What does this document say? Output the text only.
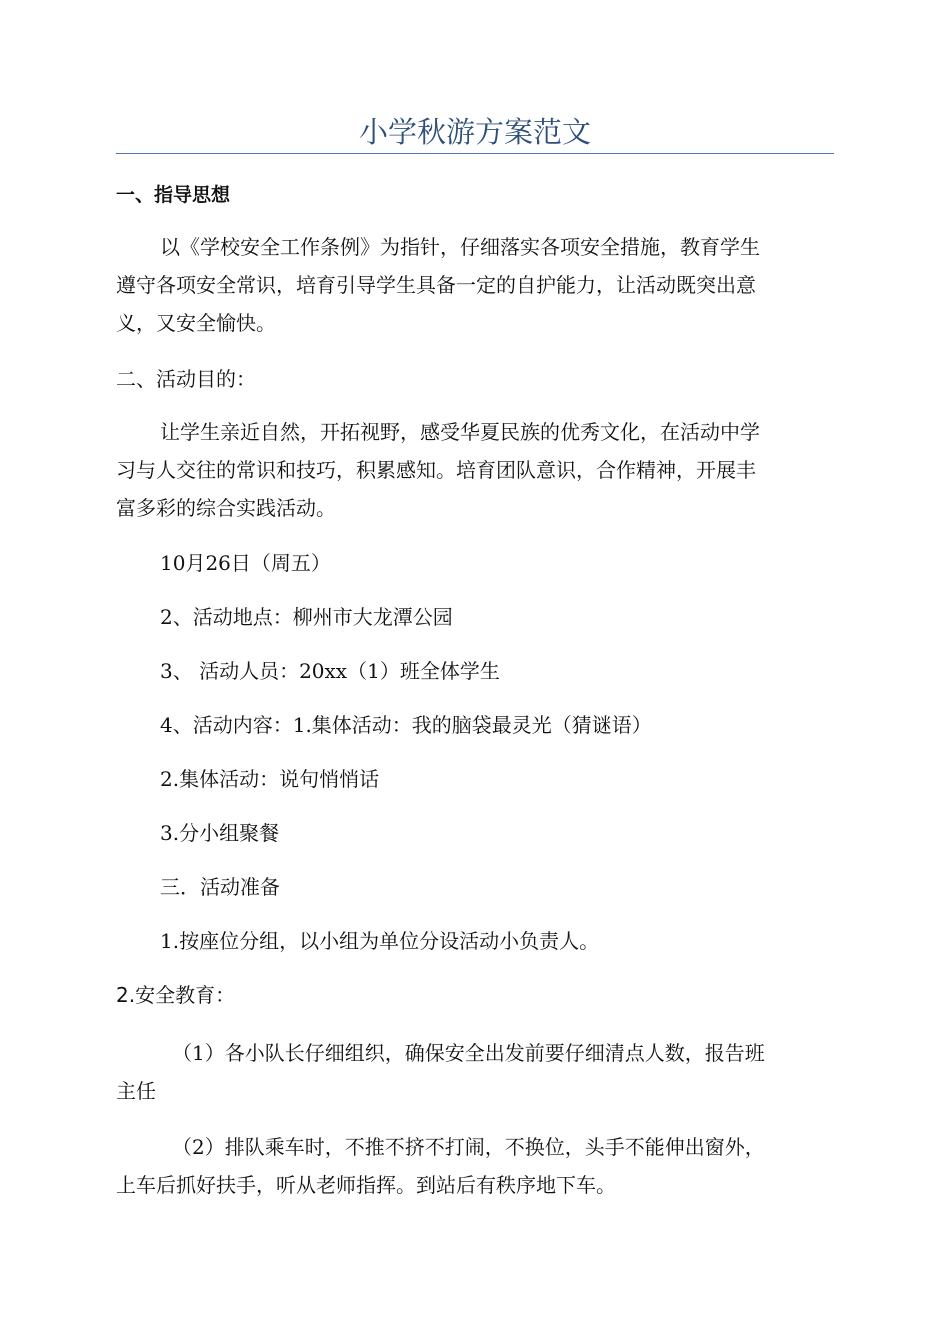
小学秋游方案范文
一、指导思想
以《学校安全工作条例》为指针，仔细落实各项安全措施，教育学生
遵守各项安全常识，培育引导学生具备一定的自护能力，让活动既突出意
义，又安全愉快。
二、活动目的：
让学生亲近自然，开拓视野，感受华夏民族的优秀文化，在活动中学
习与人交往的常识和技巧，积累感知。培育团队意识，合作精神，开展丰
富多彩的综合实践活动。
10月26日（周五）
2、活动地点：柳州市大龙潭公园
3、 活动人员：20xx（1）班全体学生
4、活动内容：1.集体活动：我的脑袋最灵光（猜谜语）
2.集体活动：说句悄悄话
3.分小组聚餐
三．活动准备
1.按座位分组，以小组为单位分设活动小负责人。
2.安全教育：
（1）各小队长仔细组织，确保安全出发前要仔细清点人数，报告班
主任
（2）排队乘车时，不推不挤不打闹，不换位，头手不能伸出窗外，
上车后抓好扶手，听从老师指挥。到站后有秩序地下车。
